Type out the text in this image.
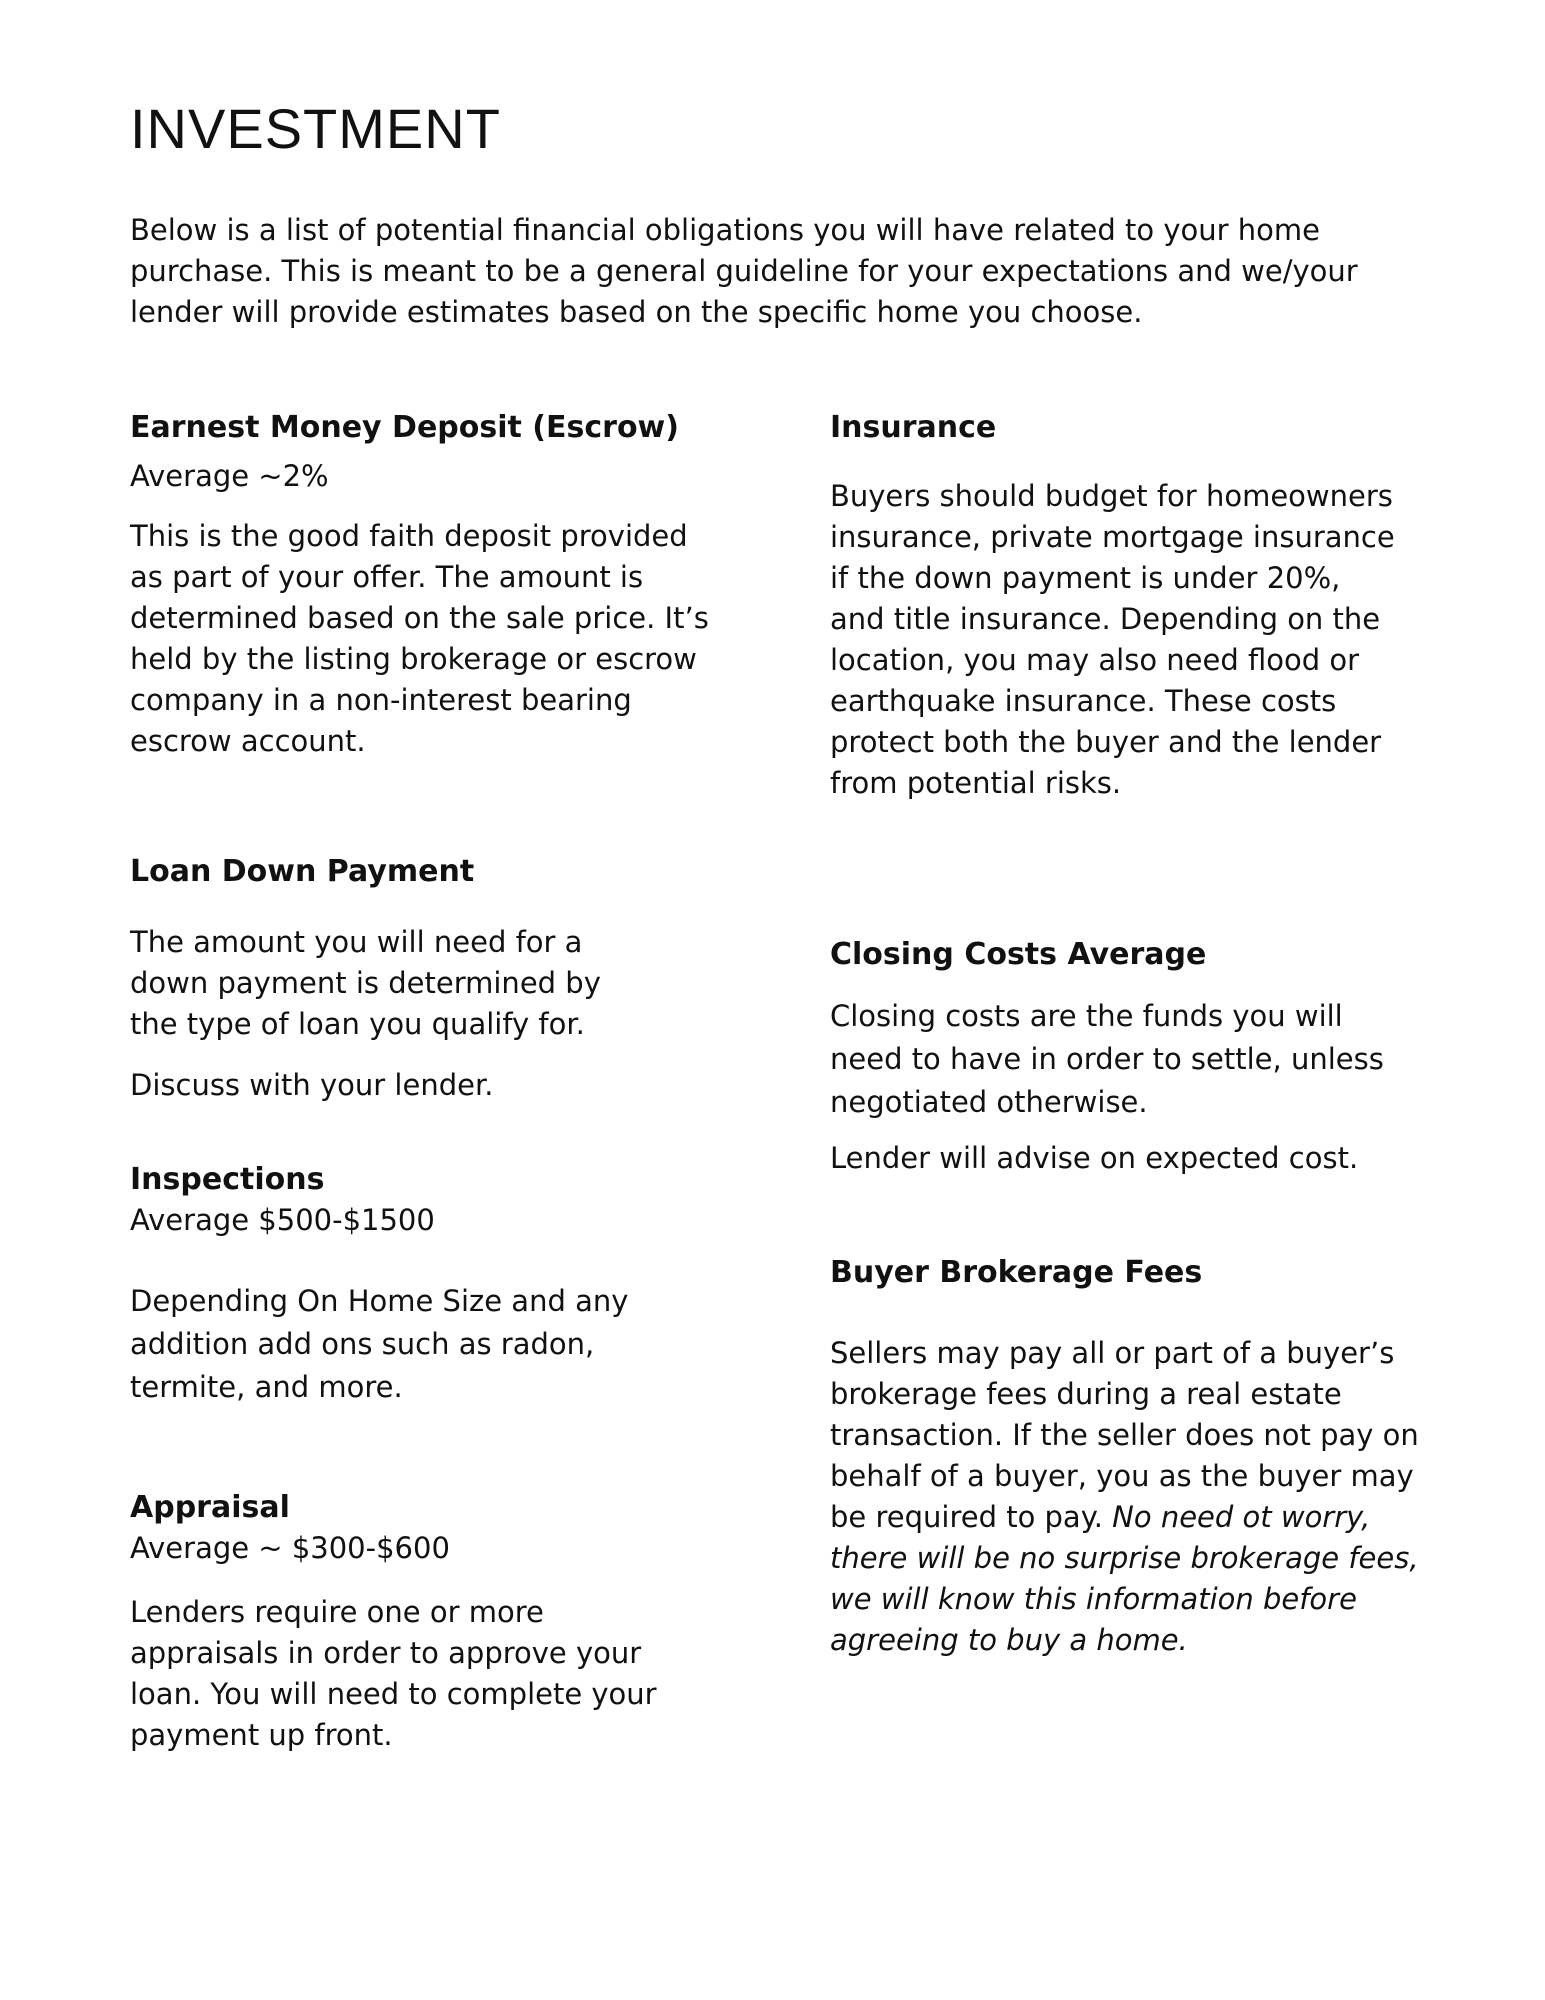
INVESTMENT

Below is a list of potential financial obligations you will have related to your home purchase. This is meant to be a general guideline for your expectations and we/your lender will provide estimates based on the specific home you choose.

Earnest Money Deposit (Escrow)

Average ~2%

This is the good faith deposit provided as part of your offer. The amount is determined based on the sale price. It’s held by the listing brokerage or escrow company in a non-interest bearing escrow account.

Loan Down Payment

The amount you will need for a down payment is determined by the type of loan you qualify for.

Discuss with your lender.

Inspections

Average $500-$1500

Depending On Home Size and any addition add ons such as radon, termite, and more.

Appraisal

Average ~ $300-$600

Lenders require one or more appraisals in order to approve your loan. You will need to complete your payment up front.

Insurance

Buyers should budget for homeowners insurance, private mortgage insurance if the down payment is under 20%, and title insurance. Depending on the location, you may also need flood or earthquake insurance. These costs protect both the buyer and the lender from potential risks.

Closing Costs Average

Closing costs are the funds you will need to have in order to settle, unless negotiated otherwise.

Lender will advise on expected cost.

Buyer Brokerage Fees

Sellers may pay all or part of a buyer’s brokerage fees during a real estate transaction. If the seller does not pay on behalf of a buyer, you as the buyer may be required to pay. No need ot worry, there will be no surprise brokerage fees, we will know this information before agreeing to buy a home.
